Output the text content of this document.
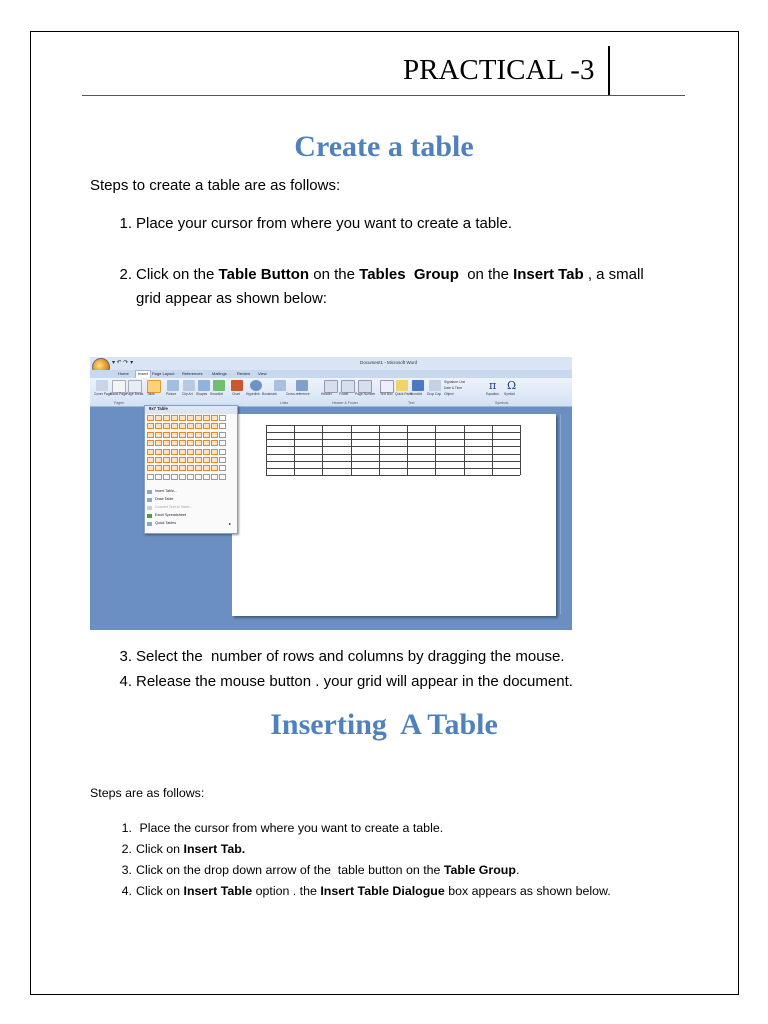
PRACTICAL -3
Create a table
Steps to create a table are as follows:
1. Place your cursor from where you want to create a table.
2. Click on the Table Button on the Tables  Group  on the Insert Tab , a small
grid appear as shown below:
▾ ↶ ↷ ▾	Document1 - Microsoft Word
Home	Insert Page Layout References Mailings	Review View
Cover Page
Blank Page Page Break Table	Picture Clip Art Shapes SmartArt	Chart Hyperlink Bookmark	Cross-reference	Header Footer Page Number Text Box Quick Parts
WordArt Drop Cap
Signature Line
Date & Time
Object
π
Equation
Ω
Symbol
Pages	Links	Header & Footer	Text	Symbols
9x7 Table
Insert Table...
Draw Table
Convert Text to Table...
Excel Spreadsheet
Quick Tables	▸
3. Select the  number of rows and columns by dragging the mouse.
4. Release the mouse button . your grid will appear in the document.
Inserting  A Table
Steps are as follows:
1. Place the cursor from where you want to create a table.
2. Click on Insert Tab.
3. Click on the drop down arrow of the  table button on the Table Group.
4. Click on Insert Table option . the Insert Table Dialogue box appears as shown below.
